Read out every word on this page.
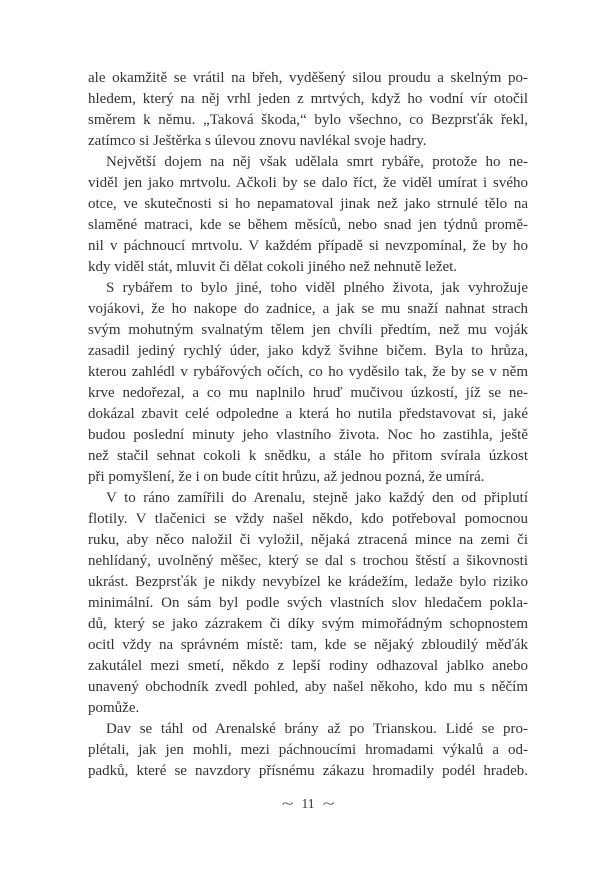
ale okamžitě se vrátil na břeh, vyděšený silou proudu a skelným po-
hledem, který na něj vrhl jeden z mrtvých, když ho vodní vír otočil
směrem k němu. „Taková škoda,“ bylo všechno, co Bezprsťák řekl,
zatímco si Ještěrka s úlevou znovu navlékal svoje hadry.
Největší dojem na něj však udělala smrt rybáře, protože ho ne-
viděl jen jako mrtvolu. Ačkoli by se dalo říct, že viděl umírat i svého
otce, ve skutečnosti si ho nepamatoval jinak než jako strnulé tělo na
slaměné matraci, kde se během měsíců, nebo snad jen týdnů promě-
nil v páchnoucí mrtvolu. V každém případě si nevzpomínal, že by ho
kdy viděl stát, mluvit či dělat cokoli jiného než nehnutě ležet.
S rybářem to bylo jiné, toho viděl plného života, jak vyhrožuje
vojákovi, že ho nakope do zadnice, a jak se mu snaží nahnat strach
svým mohutným svalnatým tělem jen chvíli předtím, než mu voják
zasadil jediný rychlý úder, jako když švihne bičem. Byla to hrůza,
kterou zahlédl v rybářových očích, co ho vyděsilo tak, že by se v něm
krve nedořezal, a co mu naplnilo hruď mučivou úzkostí, jíž se ne-
dokázal zbavit celé odpoledne a která ho nutila představovat si, jaké
budou poslední minuty jeho vlastního života. Noc ho zastihla, ještě
než stačil sehnat cokoli k snědku, a stále ho přitom svírala úzkost
při pomyšlení, že i on bude cítit hrůzu, až jednou pozná, že umírá.
V to ráno zamířili do Arenalu, stejně jako každý den od připlutí
flotily. V tlačenici se vždy našel někdo, kdo potřeboval pomocnou
ruku, aby něco naložil či vyložil, nějaká ztracená mince na zemi či
nehlídaný, uvolněný měšec, který se dal s trochou štěstí a šikovnosti
ukrást. Bezprsťák je nikdy nevybízel ke krádežím, ledaže bylo riziko
minimální. On sám byl podle svých vlastních slov hledačem pokla-
dů, který se jako zázrakem či díky svým mimořádným schopnostem
ocitl vždy na správném místě: tam, kde se nějaký zbloudilý měďák
zakutálel mezi smetí, někdo z lepší rodiny odhazoval jablko anebo
unavený obchodník zvedl pohled, aby našel někoho, kdo mu s něčím
pomůže.
Dav se táhl od Arenalské brány až po Trianskou. Lidé se pro-
plétali, jak jen mohli, mezi páchnoucími hromadami výkalů a od-
padků, které se navzdory přísnému zákazu hromadily podél hradeb.
~ 11 ~
